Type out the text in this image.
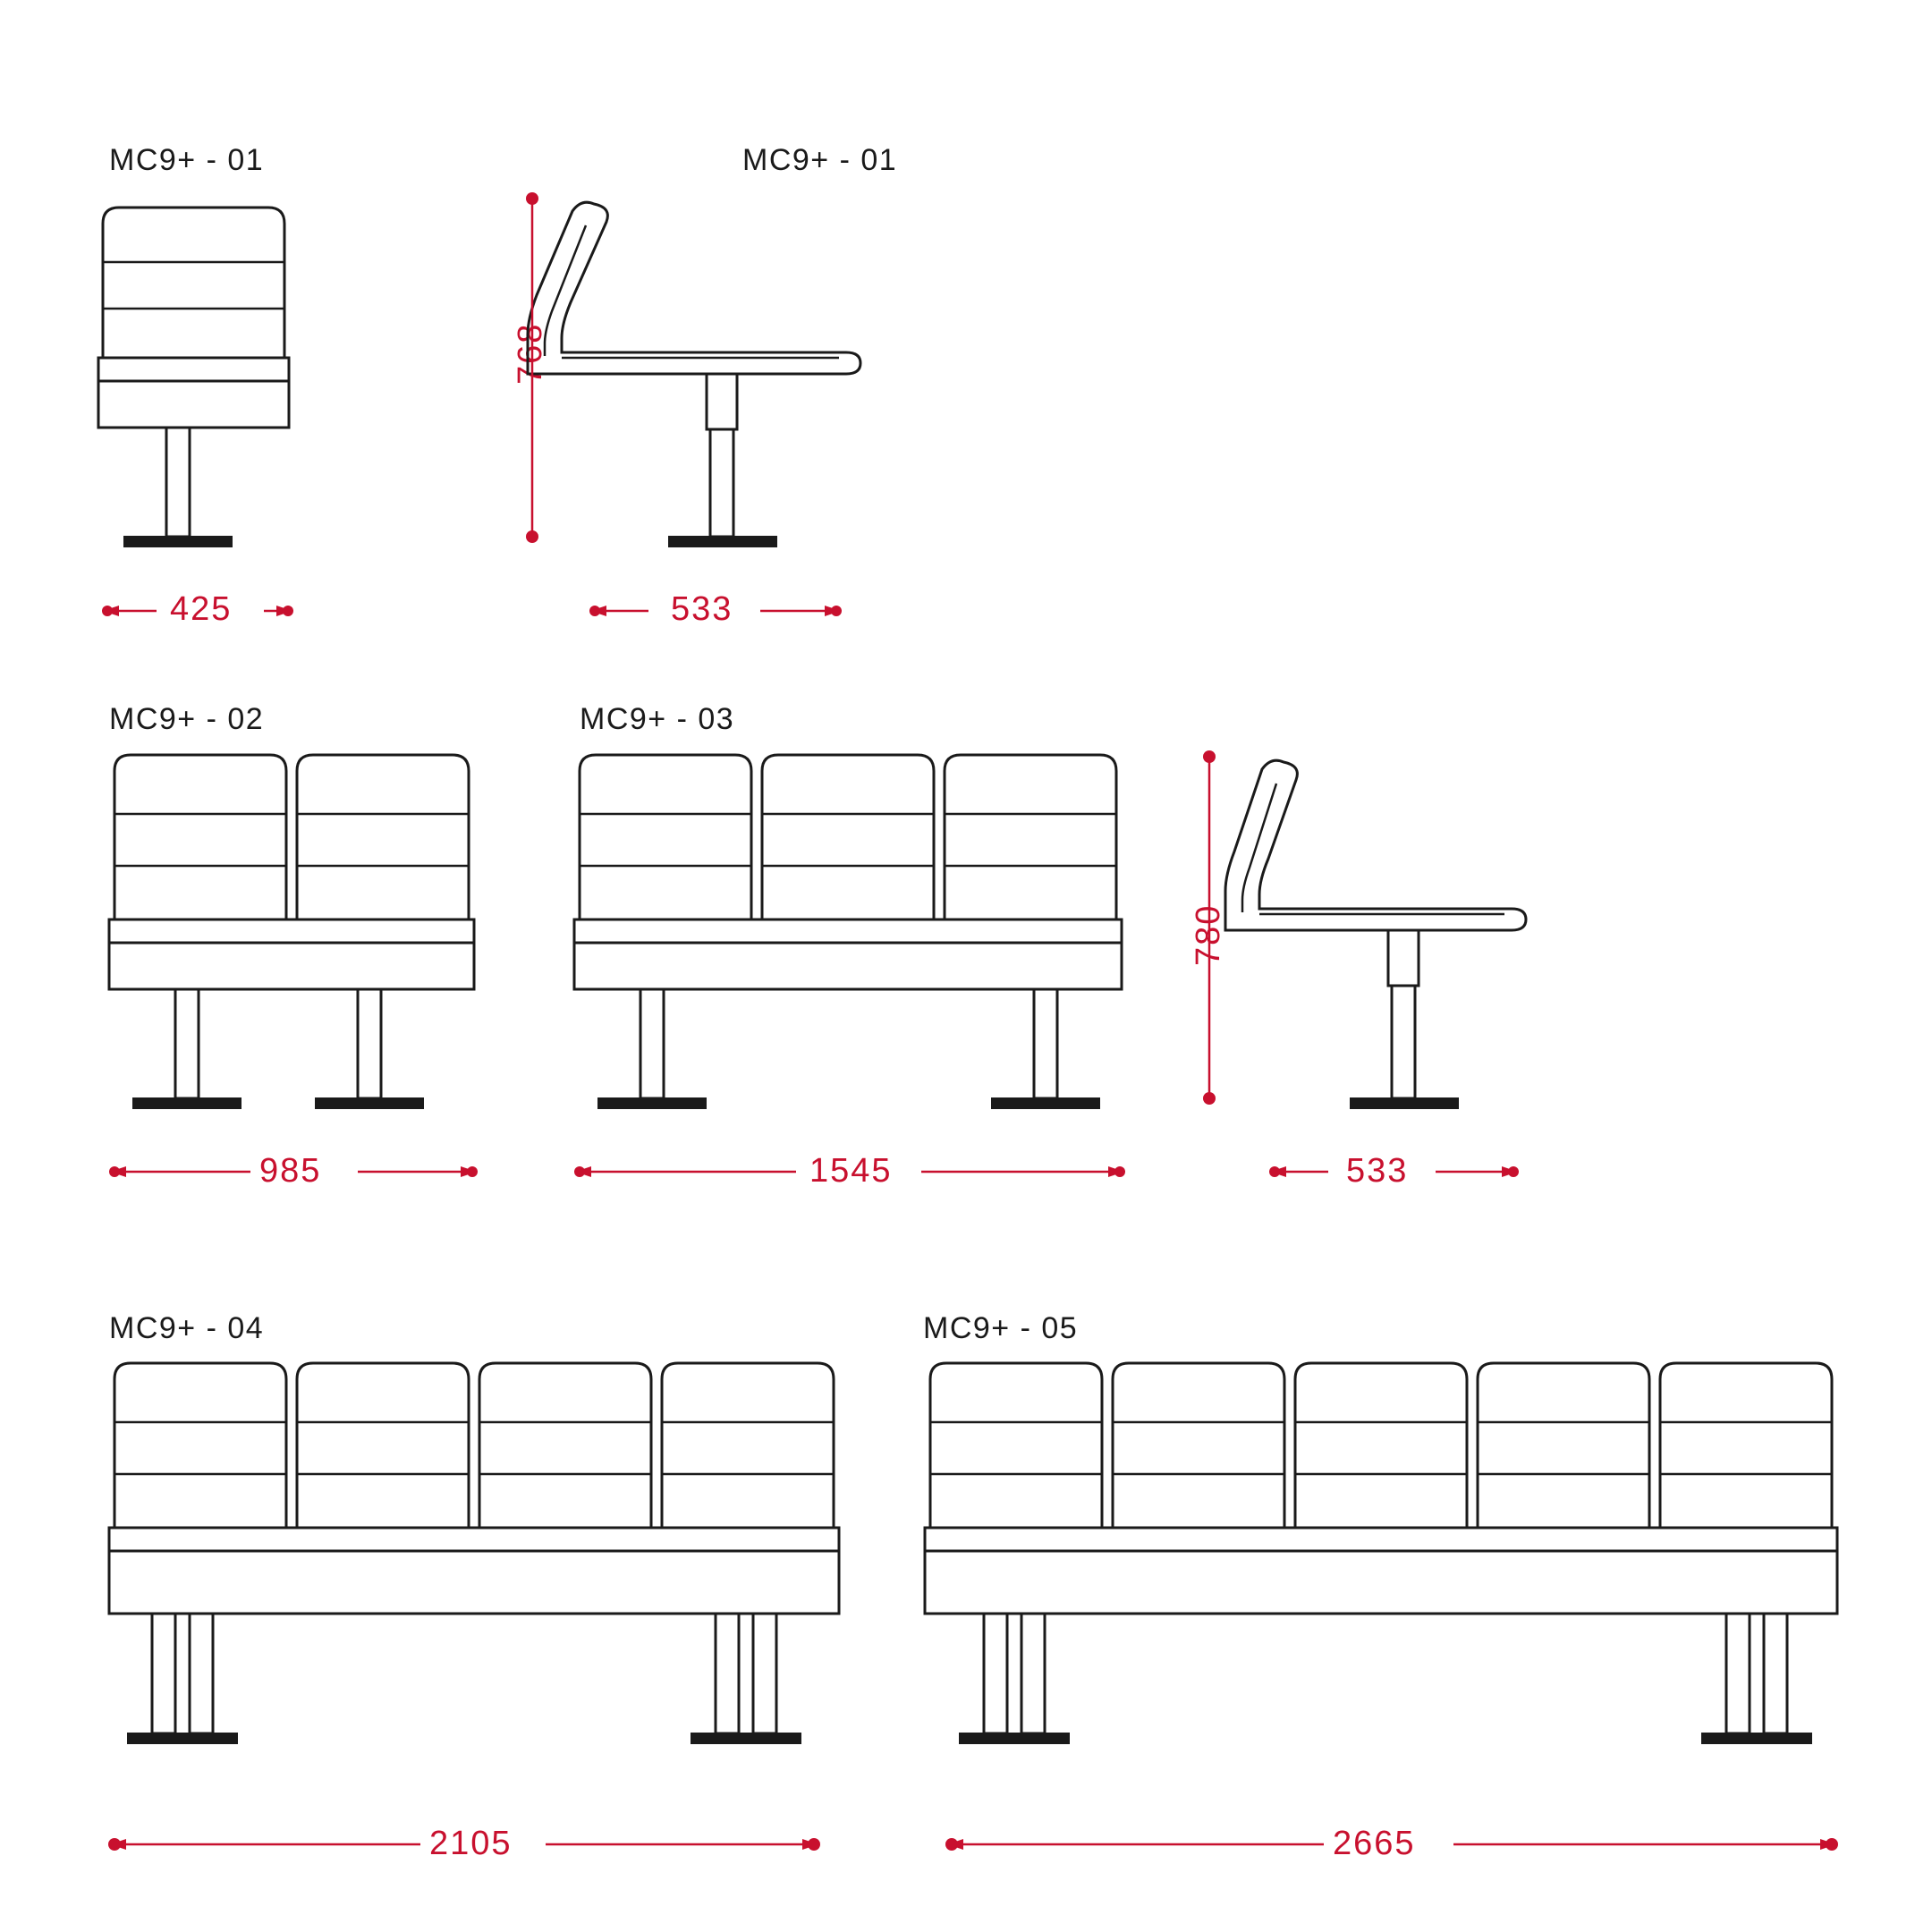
MC9+ - 01	MC9+ - 01
MC9+ - 02	MC9+ - 03
MC9+ - 04	MC9+ - 05
425	533
768
985	1545
780
533
2105	2665
